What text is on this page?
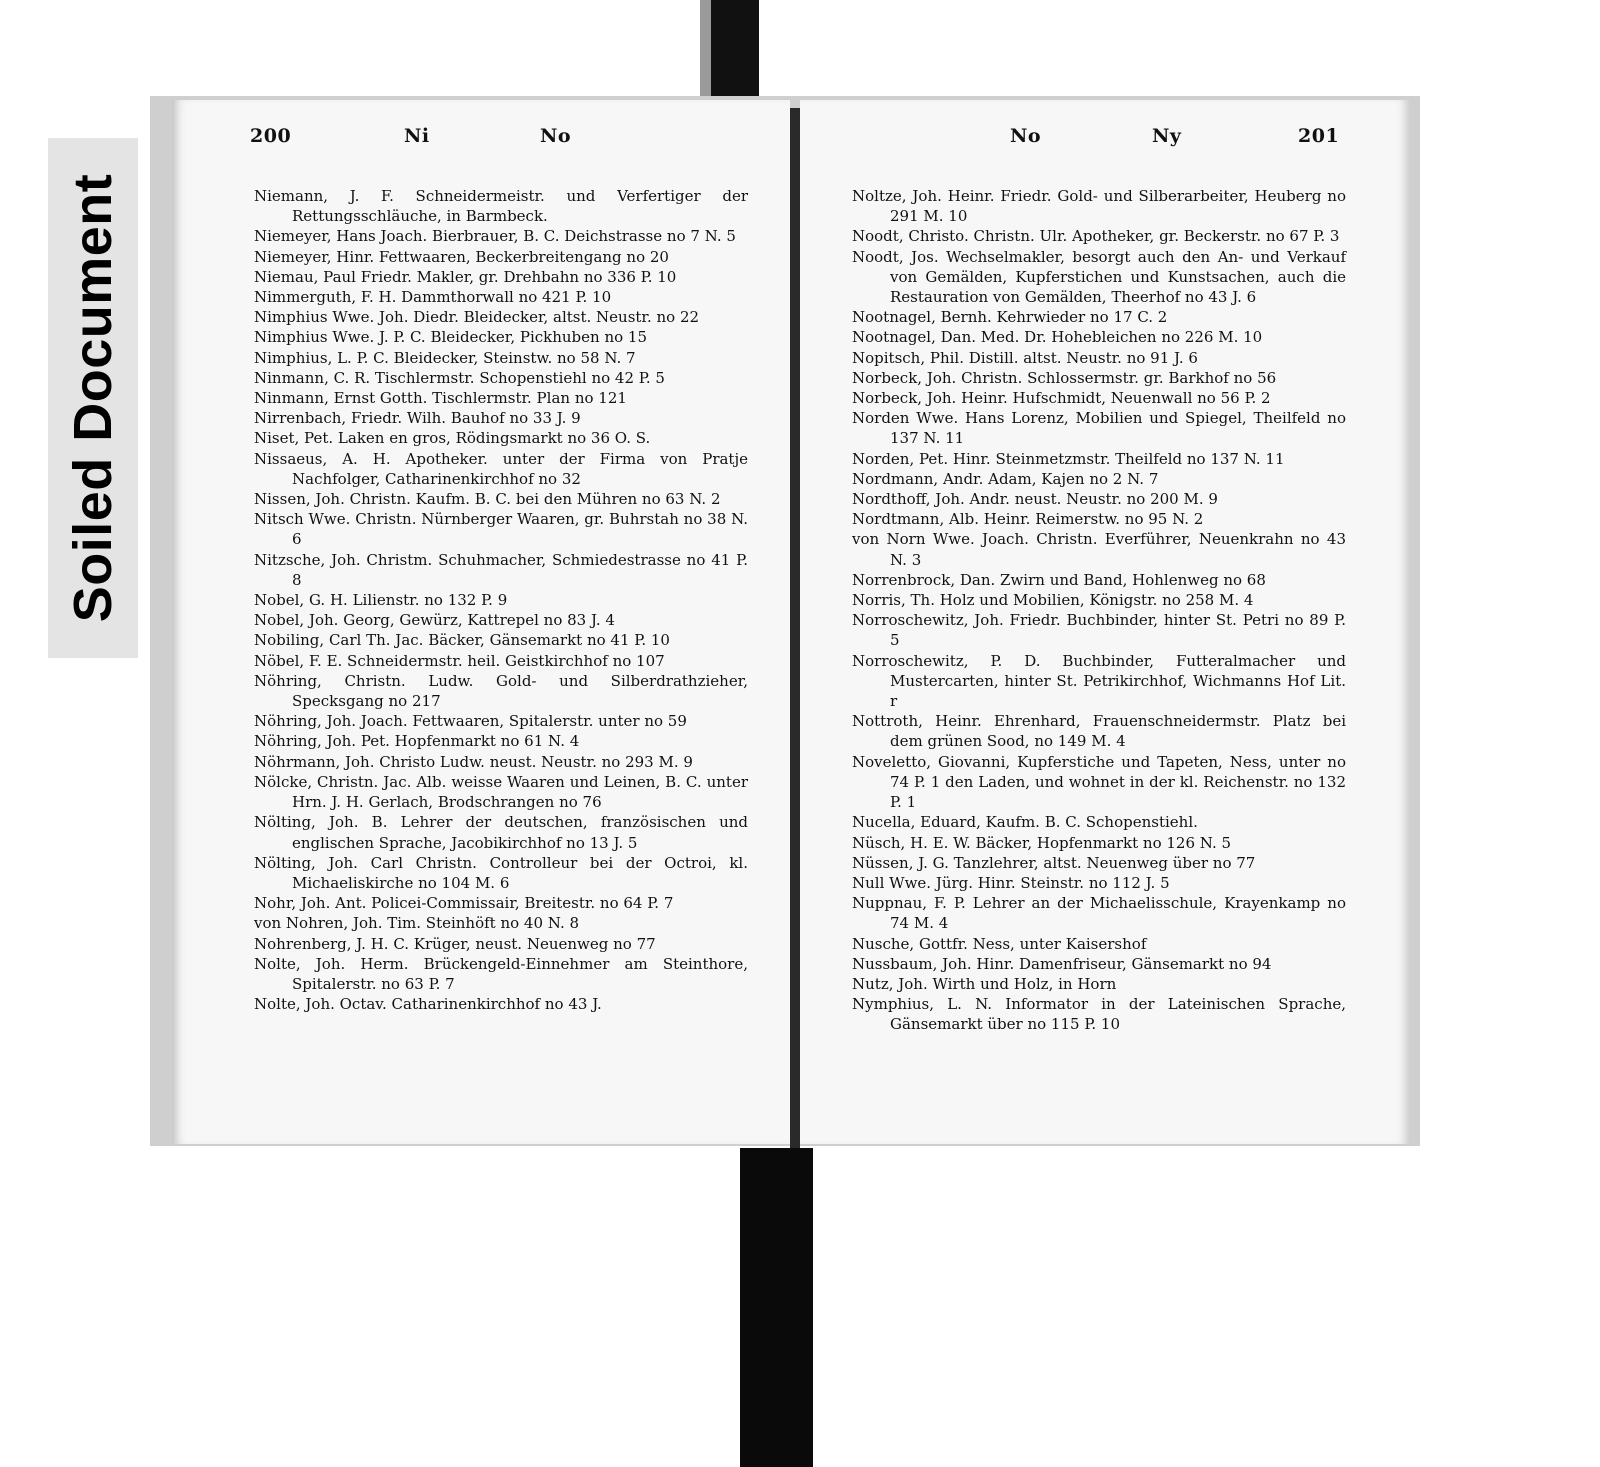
Soiled Document
200	Ni	No
Niemann, J. F. Schneidermeistr. und Verfertiger der Rettungsschläuche, in Barmbeck.
Niemeyer, Hans Joach. Bierbrauer, B. C. Deichstrasse no 7 N. 5
Niemeyer, Hinr. Fettwaaren, Beckerbreitengang no 20
Niemau, Paul Friedr. Makler, gr. Drehbahn no 336 P. 10
Nimmerguth, F. H. Dammthorwall no 421 P. 10
Nimphius Wwe. Joh. Diedr. Bleidecker, altst. Neustr. no 22
Nimphius Wwe. J. P. C. Bleidecker, Pickhuben no 15
Nimphius, L. P. C. Bleidecker, Steinstw. no 58 N. 7
Ninmann, C. R. Tischlermstr. Schopenstiehl no 42 P. 5
Ninmann, Ernst Gotth. Tischlermstr. Plan no 121
Nirrenbach, Friedr. Wilh. Bauhof no 33 J. 9
Niset, Pet. Laken en gros, Rödingsmarkt no 36 O. S.
Nissaeus, A. H. Apotheker. unter der Firma von Pratje Nachfolger, Catharinenkirchhof no 32
Nissen, Joh. Christn. Kaufm. B. C. bei den Mühren no 63 N. 2
Nitsch Wwe. Christn. Nürnberger Waaren, gr. Buhrstah no 38 N. 6
Nitzsche, Joh. Christm. Schuhmacher, Schmiedestrasse no 41 P. 8
Nobel, G. H. Lilienstr. no 132 P. 9
Nobel, Joh. Georg, Gewürz, Kattrepel no 83 J. 4
Nobiling, Carl Th. Jac. Bäcker, Gänsemarkt no 41 P. 10
Nöbel, F. E. Schneidermstr. heil. Geistkirchhof no 107
Nöhring, Christn. Ludw. Gold- und Silberdrathzieher, Specksgang no 217
Nöhring, Joh. Joach. Fettwaaren, Spitalerstr. unter no 59
Nöhring, Joh. Pet. Hopfenmarkt no 61 N. 4
Nöhrmann, Joh. Christo Ludw. neust. Neustr. no 293 M. 9
Nölcke, Christn. Jac. Alb. weisse Waaren und Leinen, B. C. unter Hrn. J. H. Gerlach, Brodschrangen no 76
Nölting, Joh. B. Lehrer der deutschen, französischen und englischen Sprache, Jacobikirchhof no 13 J. 5
Nölting, Joh. Carl Christn. Controlleur bei der Octroi, kl. Michaeliskirche no 104 M. 6
Nohr, Joh. Ant. Policei-Commissair, Breitestr. no 64 P. 7
von Nohren, Joh. Tim. Steinhöft no 40 N. 8
Nohrenberg, J. H. C. Krüger, neust. Neuenweg no 77
Nolte, Joh. Herm. Brückengeld-Einnehmer am Steinthore, Spitalerstr. no 63 P. 7
Nolte, Joh. Octav. Catharinenkirchhof no 43 J.
No	Ny	201
Noltze, Joh. Heinr. Friedr. Gold- und Silberarbeiter, Heuberg no 291 M. 10
Noodt, Christo. Christn. Ulr. Apotheker, gr. Beckerstr. no 67 P. 3
Noodt, Jos. Wechselmakler, besorgt auch den An- und Verkauf von Gemälden, Kupferstichen und Kunstsachen, auch die Restauration von Gemälden, Theerhof no 43 J. 6
Nootnagel, Bernh. Kehrwieder no 17 C. 2
Nootnagel, Dan. Med. Dr. Hohebleichen no 226 M. 10
Nopitsch, Phil. Distill. altst. Neustr. no 91 J. 6
Norbeck, Joh. Christn. Schlossermstr. gr. Barkhof no 56
Norbeck, Joh. Heinr. Hufschmidt, Neuenwall no 56 P. 2
Norden Wwe. Hans Lorenz, Mobilien und Spiegel, Theilfeld no 137 N. 11
Norden, Pet. Hinr. Steinmetzmstr. Theilfeld no 137 N. 11
Nordmann, Andr. Adam, Kajen no 2 N. 7
Nordthoff, Joh. Andr. neust. Neustr. no 200 M. 9
Nordtmann, Alb. Heinr. Reimerstw. no 95 N. 2
von Norn Wwe. Joach. Christn. Everführer, Neuenkrahn no 43 N. 3
Norrenbrock, Dan. Zwirn und Band, Hohlenweg no 68
Norris, Th. Holz und Mobilien, Königstr. no 258 M. 4
Norroschewitz, Joh. Friedr. Buchbinder, hinter St. Petri no 89 P. 5
Norroschewitz, P. D. Buchbinder, Futteralmacher und Mustercarten, hinter St. Petrikirchhof, Wichmanns Hof Lit. r
Nottroth, Heinr. Ehrenhard, Frauenschneidermstr. Platz bei dem grünen Sood, no 149 M. 4
Noveletto, Giovanni, Kupferstiche und Tapeten, Ness, unter no 74 P. 1 den Laden, und wohnet in der kl. Reichenstr. no 132 P. 1
Nucella, Eduard, Kaufm. B. C. Schopenstiehl.
Nüsch, H. E. W. Bäcker, Hopfenmarkt no 126 N. 5
Nüssen, J. G. Tanzlehrer, altst. Neuenweg über no 77
Null Wwe. Jürg. Hinr. Steinstr. no 112 J. 5
Nuppnau, F. P. Lehrer an der Michaelisschule, Krayenkamp no 74 M. 4
Nusche, Gottfr. Ness, unter Kaisershof
Nussbaum, Joh. Hinr. Damenfriseur, Gänsemarkt no 94
Nutz, Joh. Wirth und Holz, in Horn
Nymphius, L. N. Informator in der Lateinischen Sprache, Gänsemarkt über no 115 P. 10
